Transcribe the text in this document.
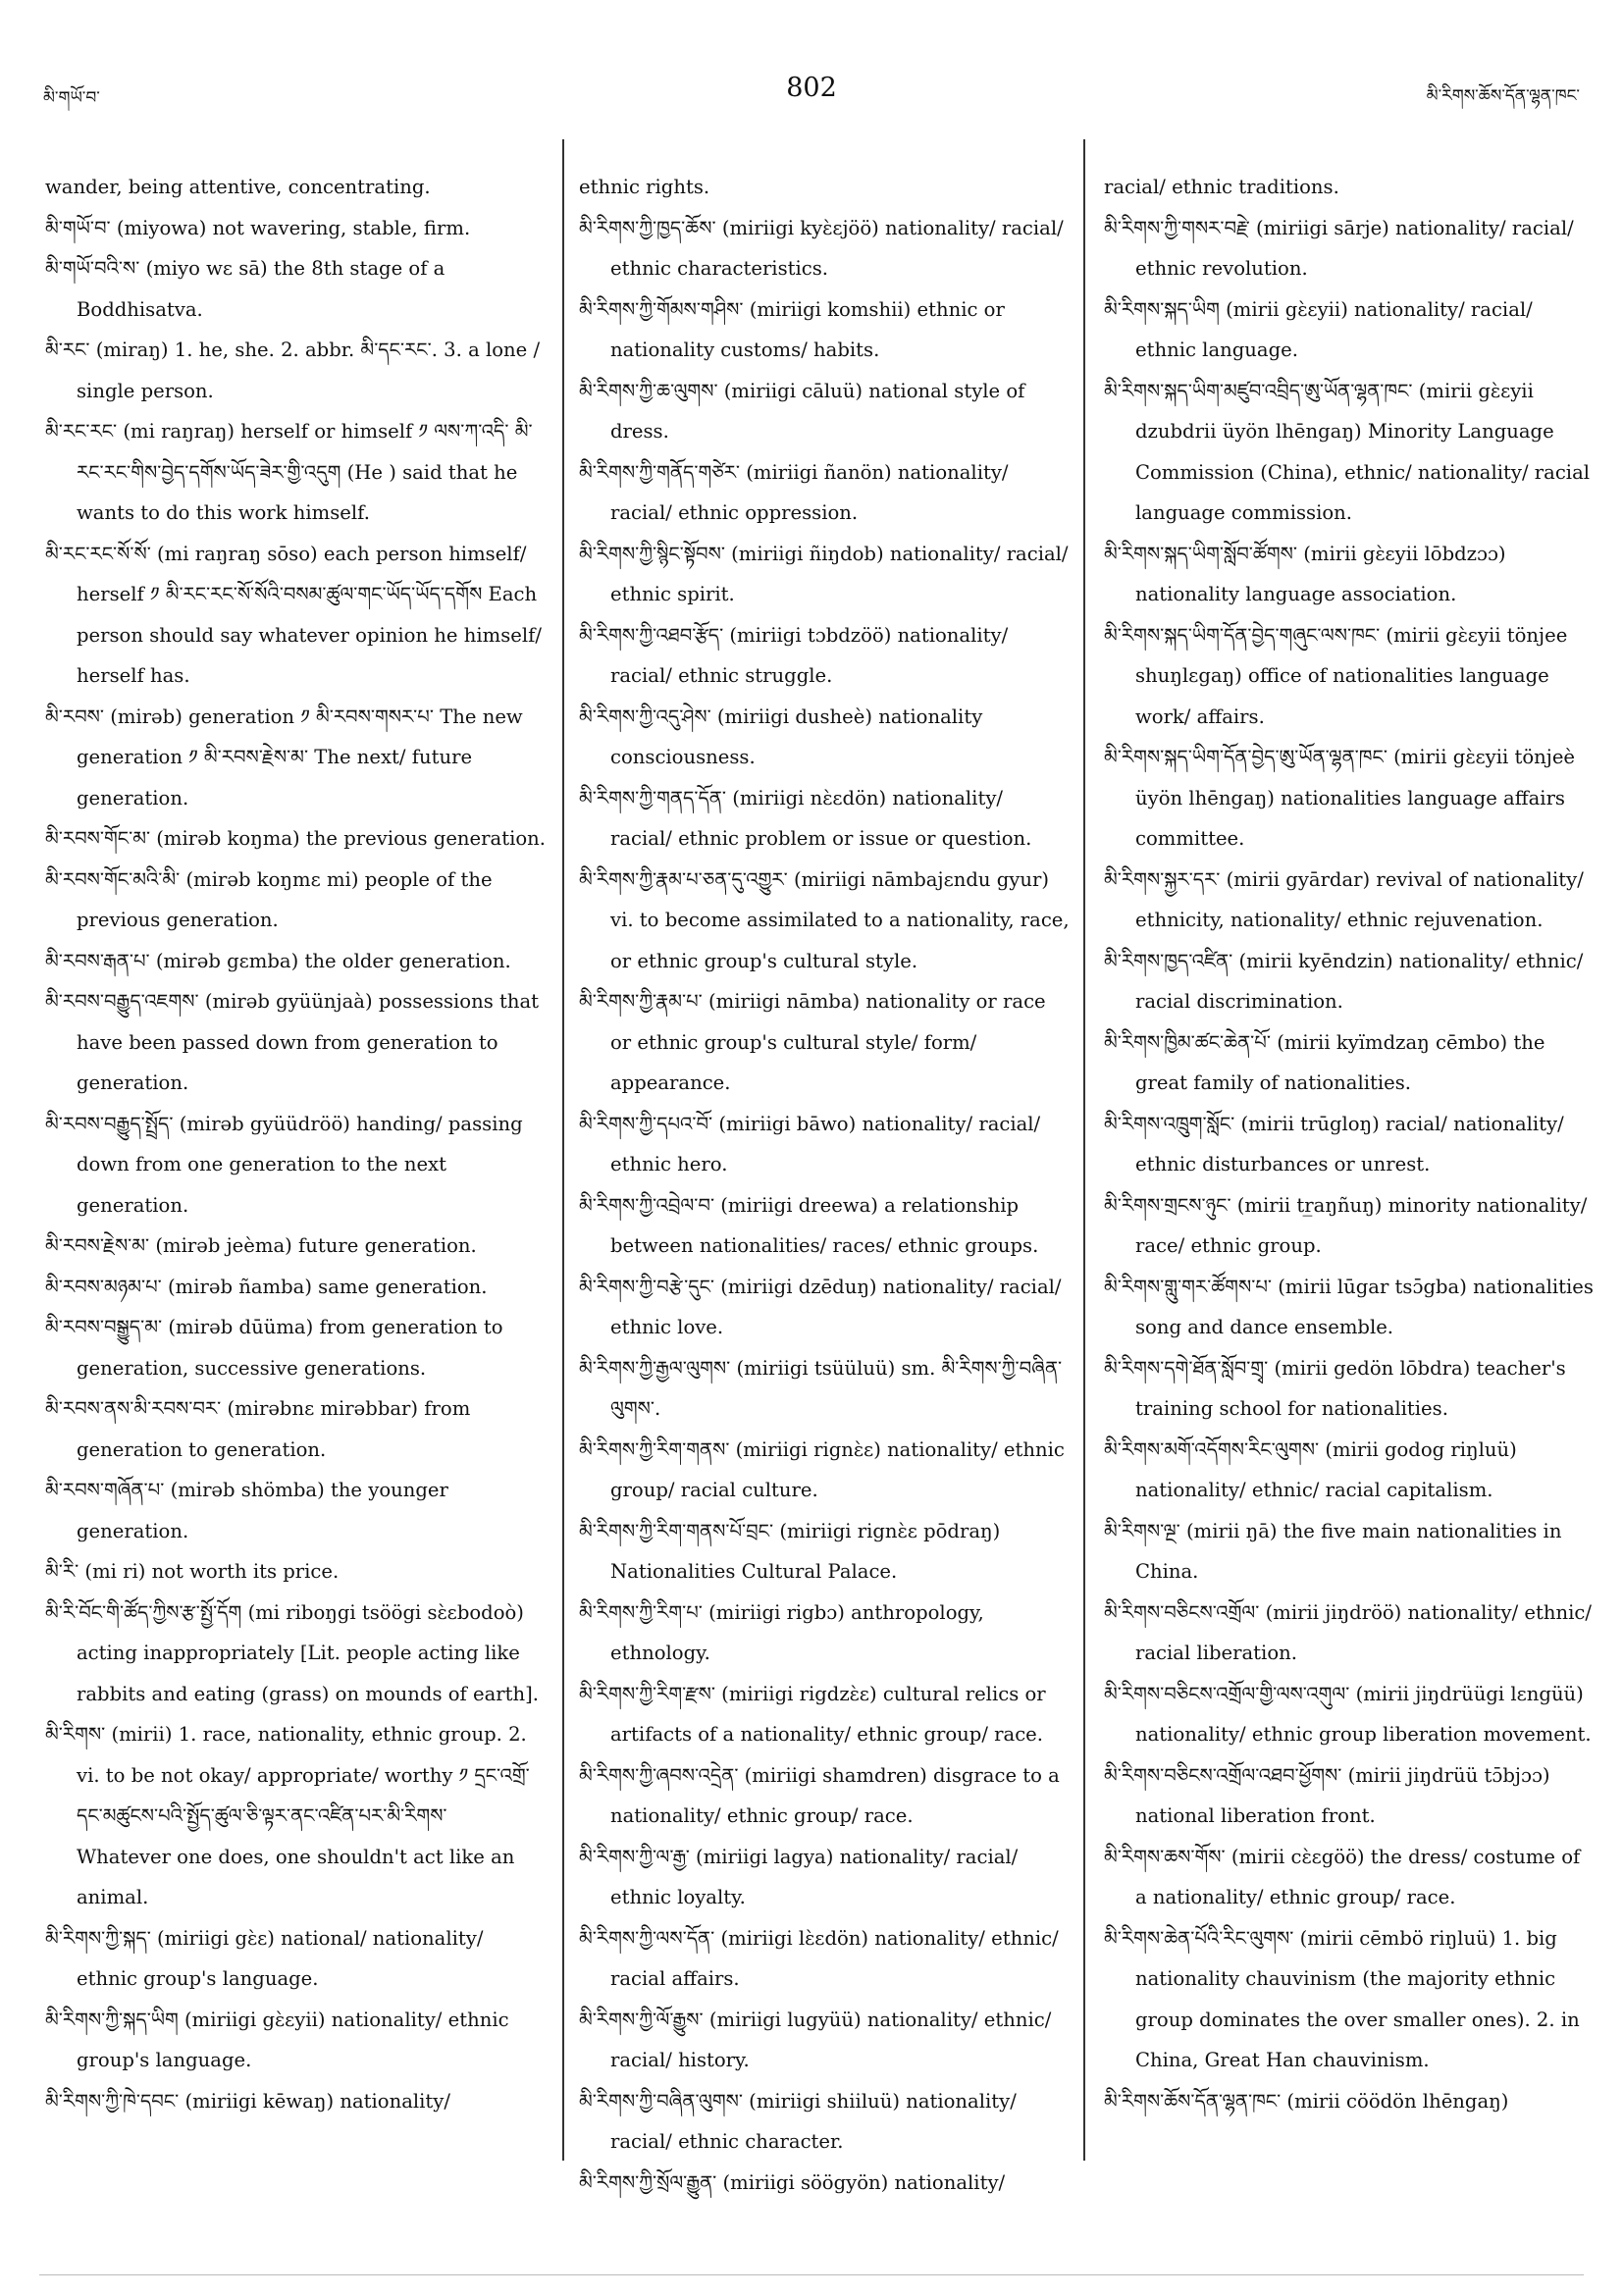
མི་གཡོ་བ་	802	མི་རིགས་ཆོས་དོན་ལྷན་ཁང་
wander, being attentive, concentrating.
མི་གཡོ་བ་ (miyowa) not wavering, stable, firm.
མི་གཡོ་བའི་ས་ (miyo wɛ sā) the 8th stage of a Boddhisatva.
མི་རང་ (miraŋ) 1. he, she. 2. abbr. མི་དང་རང་. 3. a lone / single person.
མི་རང་རང་ (mi raŋraŋ) herself or himself ༡ ལས་ཀ་འདི་ མི་རང་རང་གིས་བྱེད་དགོས་ཡོད་ཟེར་གྱི་འདུག (He ) said that he wants to do this work himself.
མི་རང་རང་སོ་སོ་ (mi raŋraŋ sōso) each person himself/ herself ༡ མི་རང་རང་སོ་སོའི་བསམ་ཚུལ་གང་ཡོད་ཡོད་དགོས Each person should say whatever opinion he himself/ herself has.
མི་རབས་ (mirəb) generation ༡ མི་རབས་གསར་པ་ The new generation ༡ མི་རབས་རྗེས་མ་ The next/ future generation.
མི་རབས་གོང་མ་ (mirəb koŋma) the previous generation.
མི་རབས་གོང་མའི་མི་ (mirəb koŋmɛ mi) people of the previous generation.
མི་རབས་རྒན་པ་ (mirəb gɛmba) the older generation.
མི་རབས་བརྒྱུད་འཇགས་ (mirəb gyüünjaà) possessions that have been passed down from generation to generation.
མི་རབས་བརྒྱུད་སྤྲོད་ (mirəb gyüüdröö) handing/ passing down from one generation to the next generation.
མི་རབས་རྗེས་མ་ (mirəb jeèma) future generation.
མི་རབས་མཉམ་པ་ (mirəb ñamba) same generation.
མི་རབས་བསྒྱུད་མ་ (mirəb dūüma) from generation to generation, successive generations.
མི་རབས་ནས་མི་རབས་བར་ (mirəbnɛ mirəbbar) from generation to generation.
མི་རབས་གཞོན་པ་ (mirəb shömba) the younger generation.
མི་རི་ (mi ri) not worth its price.
མི་རི་བོང་གི་ཚོད་ཀྱིས་རྩ་སྤྱོ་དོག (mi riboŋgi tsöögi sɛ̀ɛbodoò) acting inappropriately [Lit. people acting like rabbits and eating (grass) on mounds of earth].
མི་རིགས་ (mirii) 1. race, nationality, ethnic group. 2. vi. to be not okay/ appropriate/ worthy ༡ དྲང་འགྲོ་དང་མཚུངས་པའི་སྤྱོད་ཚུལ་ཅི་ལྟར་ནང་འཛིན་པར་མི་རིགས་ Whatever one does, one shouldn't act like an animal.
མི་རིགས་ཀྱི་སྐད་ (miriigi gɛ̀ɛ) national/ nationality/ ethnic group's language.
མི་རིགས་ཀྱི་སྐད་ཡིག (miriigi gɛ̀ɛyii) nationality/ ethnic group's language.
མི་རིགས་ཀྱི་ཁེ་དབང་ (miriigi kēwaŋ) nationality/
ethnic rights.
མི་རིགས་ཀྱི་ཁྱད་ཆོས་ (miriigi kyɛ̀ɛjöö) nationality/ racial/ ethnic characteristics.
མི་རིགས་ཀྱི་གོམས་གཤིས་ (miriigi komshii) ethnic or nationality customs/ habits.
མི་རིགས་ཀྱི་ཆ་ལུགས་ (miriigi cāluü) national style of dress.
མི་རིགས་ཀྱི་གནོད་གཙེར་ (miriigi ñanön) nationality/ racial/ ethnic oppression.
མི་རིགས་ཀྱི་སྙིང་སྟོབས་ (miriigi ñiŋdob) nationality/ racial/ ethnic spirit.
མི་རིགས་ཀྱི་འཐབ་རྩོད་ (miriigi tɔbdzöö) nationality/ racial/ ethnic struggle.
མི་རིགས་ཀྱི་འདུ་ཤེས་ (miriigi dusheè) nationality consciousness.
མི་རིགས་ཀྱི་གནད་དོན་ (miriigi nɛ̀ɛdön) nationality/ racial/ ethnic problem or issue or question.
མི་རིགས་ཀྱི་རྣམ་པ་ཅན་དུ་འགྱུར་ (miriigi nāmbajɛndu gyur) vi. to become assimilated to a nationality, race, or ethnic group's cultural style.
མི་རིགས་ཀྱི་རྣམ་པ་ (miriigi nāmba) nationality or race or ethnic group's cultural style/ form/ appearance.
མི་རིགས་ཀྱི་དཔའ་བོ་ (miriigi bāwo) nationality/ racial/ ethnic hero.
མི་རིགས་ཀྱི་འབྲེལ་བ་ (miriigi dreewa) a relationship between nationalities/ races/ ethnic groups.
མི་རིགས་ཀྱི་བརྩེ་དུང་ (miriigi dzēduŋ) nationality/ racial/ ethnic love.
མི་རིགས་ཀྱི་རྒྱལ་ལུགས་ (miriigi tsüüluü) sm. མི་རིགས་ཀྱི་བཞིན་ལུགས་.
མི་རིགས་ཀྱི་རིག་གནས་ (miriigi rignɛ̀ɛ) nationality/ ethnic group/ racial culture.
མི་རིགས་ཀྱི་རིག་གནས་པོ་བྲང་ (miriigi rignɛ̀ɛ pōdraŋ) Nationalities Cultural Palace.
མི་རིགས་ཀྱི་རིག་པ་ (miriigi rigbɔ) anthropology, ethnology.
མི་རིགས་ཀྱི་རིག་རྫས་ (miriigi rigdzɛ̀ɛ) cultural relics or artifacts of a nationality/ ethnic group/ race.
མི་རིགས་ཀྱི་ཞབས་འདྲེན་ (miriigi shamdren) disgrace to a nationality/ ethnic group/ race.
མི་རིགས་ཀྱི་ལ་རྒྱ་ (miriigi lagya) nationality/ racial/ ethnic loyalty.
མི་རིགས་ཀྱི་ལས་དོན་ (miriigi lɛ̀ɛdön) nationality/ ethnic/ racial affairs.
མི་རིགས་ཀྱི་ལོ་རྒྱུས་ (miriigi lugyüü) nationality/ ethnic/ racial/ history.
མི་རིགས་ཀྱི་བཞིན་ལུགས་ (miriigi shiiluü) nationality/ racial/ ethnic character.
མི་རིགས་ཀྱི་སྲོལ་རྒྱུན་ (miriigi söögyön) nationality/
racial/ ethnic traditions.
མི་རིགས་ཀྱི་གསར་བརྗེ་ (miriigi sārje) nationality/ racial/ ethnic revolution.
མི་རིགས་སྐད་ཡིག (mirii gɛ̀ɛyii) nationality/ racial/ ethnic language.
མི་རིགས་སྐད་ཡིག་མཛུབ་འབྲིད་ཨུ་ཡོན་ལྷན་ཁང་ (mirii gɛ̀ɛyii dzubdrii üyön lhēngaŋ) Minority Language Commission (China), ethnic/ nationality/ racial language commission.
མི་རིགས་སྐད་ཡིག་སློབ་ཚོགས་ (mirii gɛ̀ɛyii lōbdzɔɔ) nationality language association.
མི་རིགས་སྐད་ཡིག་དོན་བྱེད་གཞུང་ལས་ཁང་ (mirii gɛ̀ɛyii tönjee shuŋlɛgaŋ) office of nationalities language work/ affairs.
མི་རིགས་སྐད་ཡིག་དོན་བྱེད་ཨུ་ཡོན་ལྷན་ཁང་ (mirii gɛ̀ɛyii tönjeè üyön lhēngaŋ) nationalities language affairs committee.
མི་རིགས་སྐྱར་དར་ (mirii gyārdar) revival of nationality/ ethnicity, nationality/ ethnic rejuvenation.
མི་རིགས་ཁྱད་འཛིན་ (mirii kyēndzin) nationality/ ethnic/ racial discrimination.
མི་རིགས་ཁྱིམ་ཚང་ཆེན་པོ་ (mirii kyïmdzaŋ cēmbo) the great family of nationalities.
མི་རིགས་འཁྲུག་སློང་ (mirii trūgloŋ) racial/ nationality/ ethnic disturbances or unrest.
མི་རིགས་གྲངས་ཉུང་ (mirii tr̲aŋñuŋ) minority nationality/ race/ ethnic group.
མི་རིགས་གླུ་གར་ཚོགས་པ་ (mirii lūgar tsɔ̄gba) nationalities song and dance ensemble.
མི་རིགས་དགེ་ཐོན་སློབ་གྲྭ་ (mirii gedön lōbdra) teacher's training school for nationalities.
མི་རིགས་མགོ་འདོགས་རིང་ལུགས་ (mirii godog riŋluü) nationality/ ethnic/ racial capitalism.
མི་རིགས་ལྔ་ (mirii ŋā) the five main nationalities in China.
མི་རིགས་བཅིངས་འགྲོལ་ (mirii jiŋdröö) nationality/ ethnic/ racial liberation.
མི་རིགས་བཅིངས་འགྲོལ་གྱི་ལས་འགུལ་ (mirii jiŋdrüügi lɛngüü) nationality/ ethnic group liberation movement.
མི་རིགས་བཅིངས་འགྲོལ་འཐབ་ཕྱོགས་ (mirii jiŋdrüü tɔ̄bjɔɔ) national liberation front.
མི་རིགས་ཆས་གོས་ (mirii cɛ̀ɛgöö) the dress/ costume of a nationality/ ethnic group/ race.
མི་རིགས་ཆེན་པོའི་རིང་ལུགས་ (mirii cēmbö riŋluü) 1. big nationality chauvinism (the majority ethnic group dominates the over smaller ones). 2. in China, Great Han chauvinism.
མི་རིགས་ཆོས་དོན་ལྷན་ཁང་ (mirii cöödön lhēngaŋ)
